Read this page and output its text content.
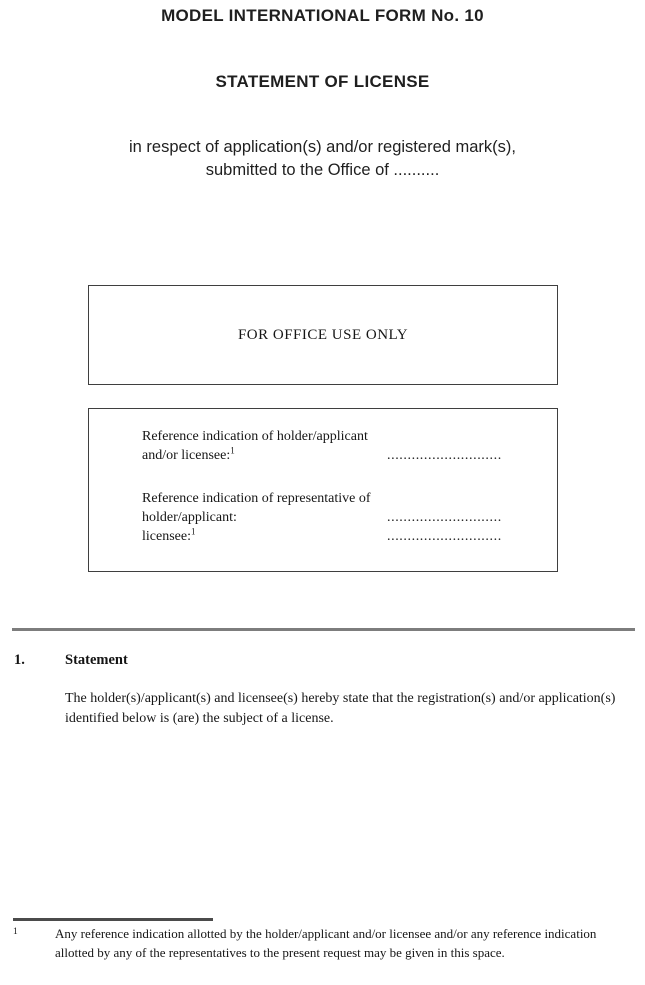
MODEL INTERNATIONAL FORM No. 10
STATEMENT OF LICENSE
in respect of application(s) and/or registered mark(s),
submitted to the Office of ..........
FOR OFFICE USE ONLY
Reference indication of holder/applicant
and/or licensee:$^1$	............................
Reference indication of representative of
holder/applicant:	............................
licensee:$^1$	............................
1.	Statement
The holder(s)/applicant(s) and licensee(s) hereby state that the registration(s) and/or application(s) identified below is (are) the subject of a license.
1	Any reference indication allotted by the holder/applicant and/or licensee and/or any reference indication allotted by any of the representatives to the present request may be given in this space.
